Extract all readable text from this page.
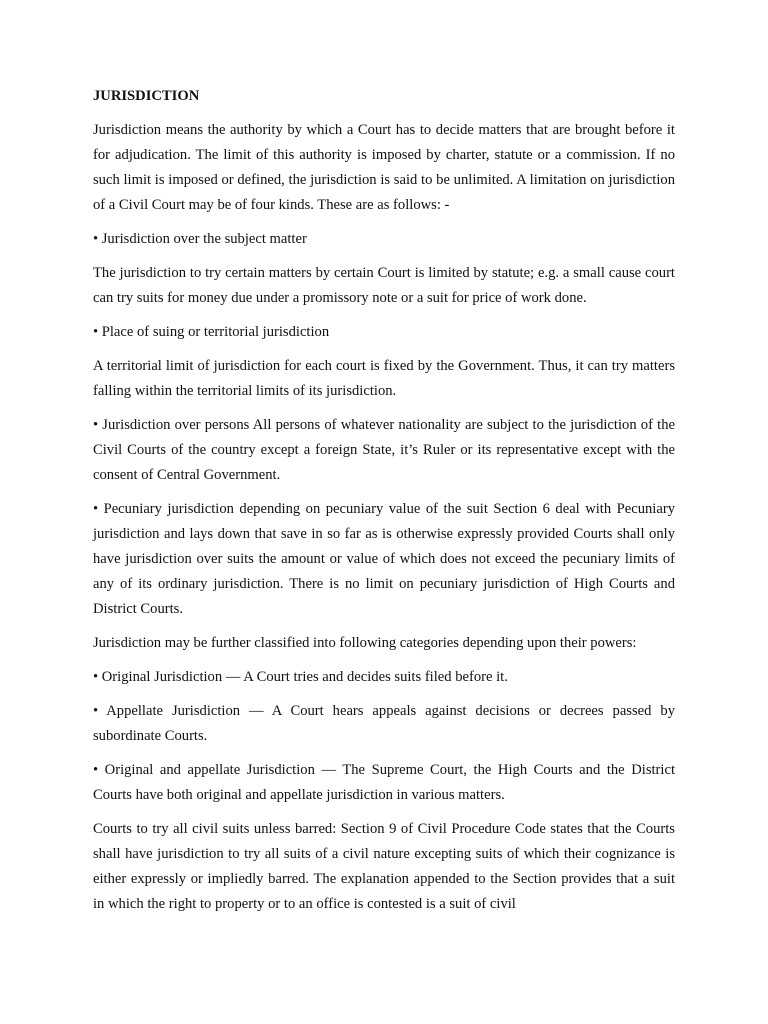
JURISDICTION

Jurisdiction means the authority by which a Court has to decide matters that are brought before it for adjudication. The limit of this authority is imposed by charter, statute or a commission. If no such limit is imposed or defined, the jurisdiction is said to be unlimited. A limitation on jurisdiction of a Civil Court may be of four kinds. These are as follows: -

• Jurisdiction over the subject matter

The jurisdiction to try certain matters by certain Court is limited by statute; e.g. a small cause court can try suits for money due under a promissory note or a suit for price of work done.

• Place of suing or territorial jurisdiction

A territorial limit of jurisdiction for each court is fixed by the Government. Thus, it can try matters falling within the territorial limits of its jurisdiction.

• Jurisdiction over persons All persons of whatever nationality are subject to the jurisdiction of the Civil Courts of the country except a foreign State, it’s Ruler or its representative except with the consent of Central Government.

• Pecuniary jurisdiction depending on pecuniary value of the suit Section 6 deal with Pecuniary jurisdiction and lays down that save in so far as is otherwise expressly provided Courts shall only have jurisdiction over suits the amount or value of which does not exceed the pecuniary limits of any of its ordinary jurisdiction. There is no limit on pecuniary jurisdiction of High Courts and District Courts.

Jurisdiction may be further classified into following categories depending upon their powers:

• Original Jurisdiction — A Court tries and decides suits filed before it.

• Appellate Jurisdiction — A Court hears appeals against decisions or decrees passed by subordinate Courts.

• Original and appellate Jurisdiction — The Supreme Court, the High Courts and the District Courts have both original and appellate jurisdiction in various matters.

Courts to try all civil suits unless barred: Section 9 of Civil Procedure Code states that the Courts shall have jurisdiction to try all suits of a civil nature excepting suits of which their cognizance is either expressly or impliedly barred. The explanation appended to the Section provides that a suit in which the right to property or to an office is contested is a suit of civil
